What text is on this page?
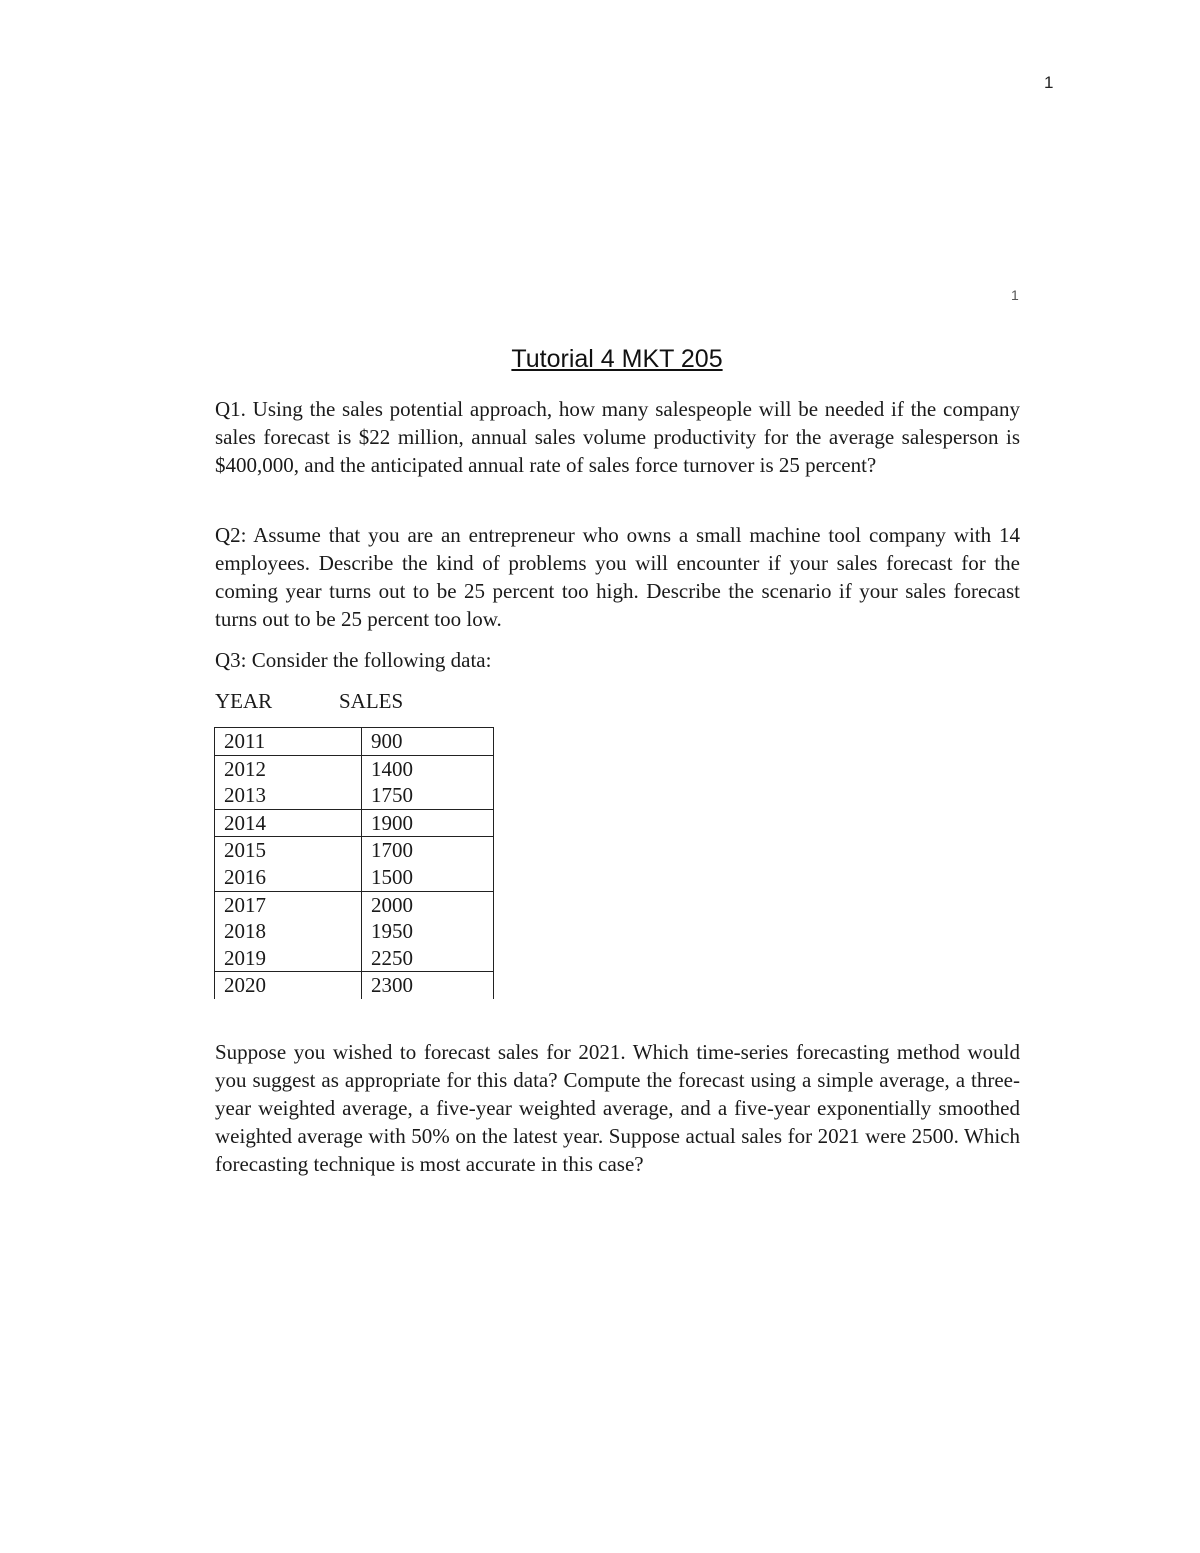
1
1
Tutorial 4 MKT 205

Q1. Using the sales potential approach, how many salespeople will be needed if the company sales forecast is $22 million, annual sales volume productivity for the average salesperson is $400,000, and the anticipated annual rate of sales force turnover is 25 percent?

Q2: Assume that you are an entrepreneur who owns a small machine tool company with 14 employees. Describe the kind of problems you will encounter if your sales forecast for the coming year turns out to be 25 percent too high. Describe the scenario if your sales forecast turns out to be 25 percent too low.

Q3: Consider the following data:

YEAR	SALES
2011	900
2012	1400
2013	1750
2014	1900
2015	1700
2016	1500
2017	2000
2018	1950
2019	2250
2020	2300

Suppose you wished to forecast sales for 2021. Which time-series forecasting method would you suggest as appropriate for this data? Compute the forecast using a simple average, a three-year weighted average, a five-year weighted average, and a five-year exponentially smoothed weighted average with 50% on the latest year. Suppose actual sales for 2021 were 2500. Which forecasting technique is most accurate in this case?
